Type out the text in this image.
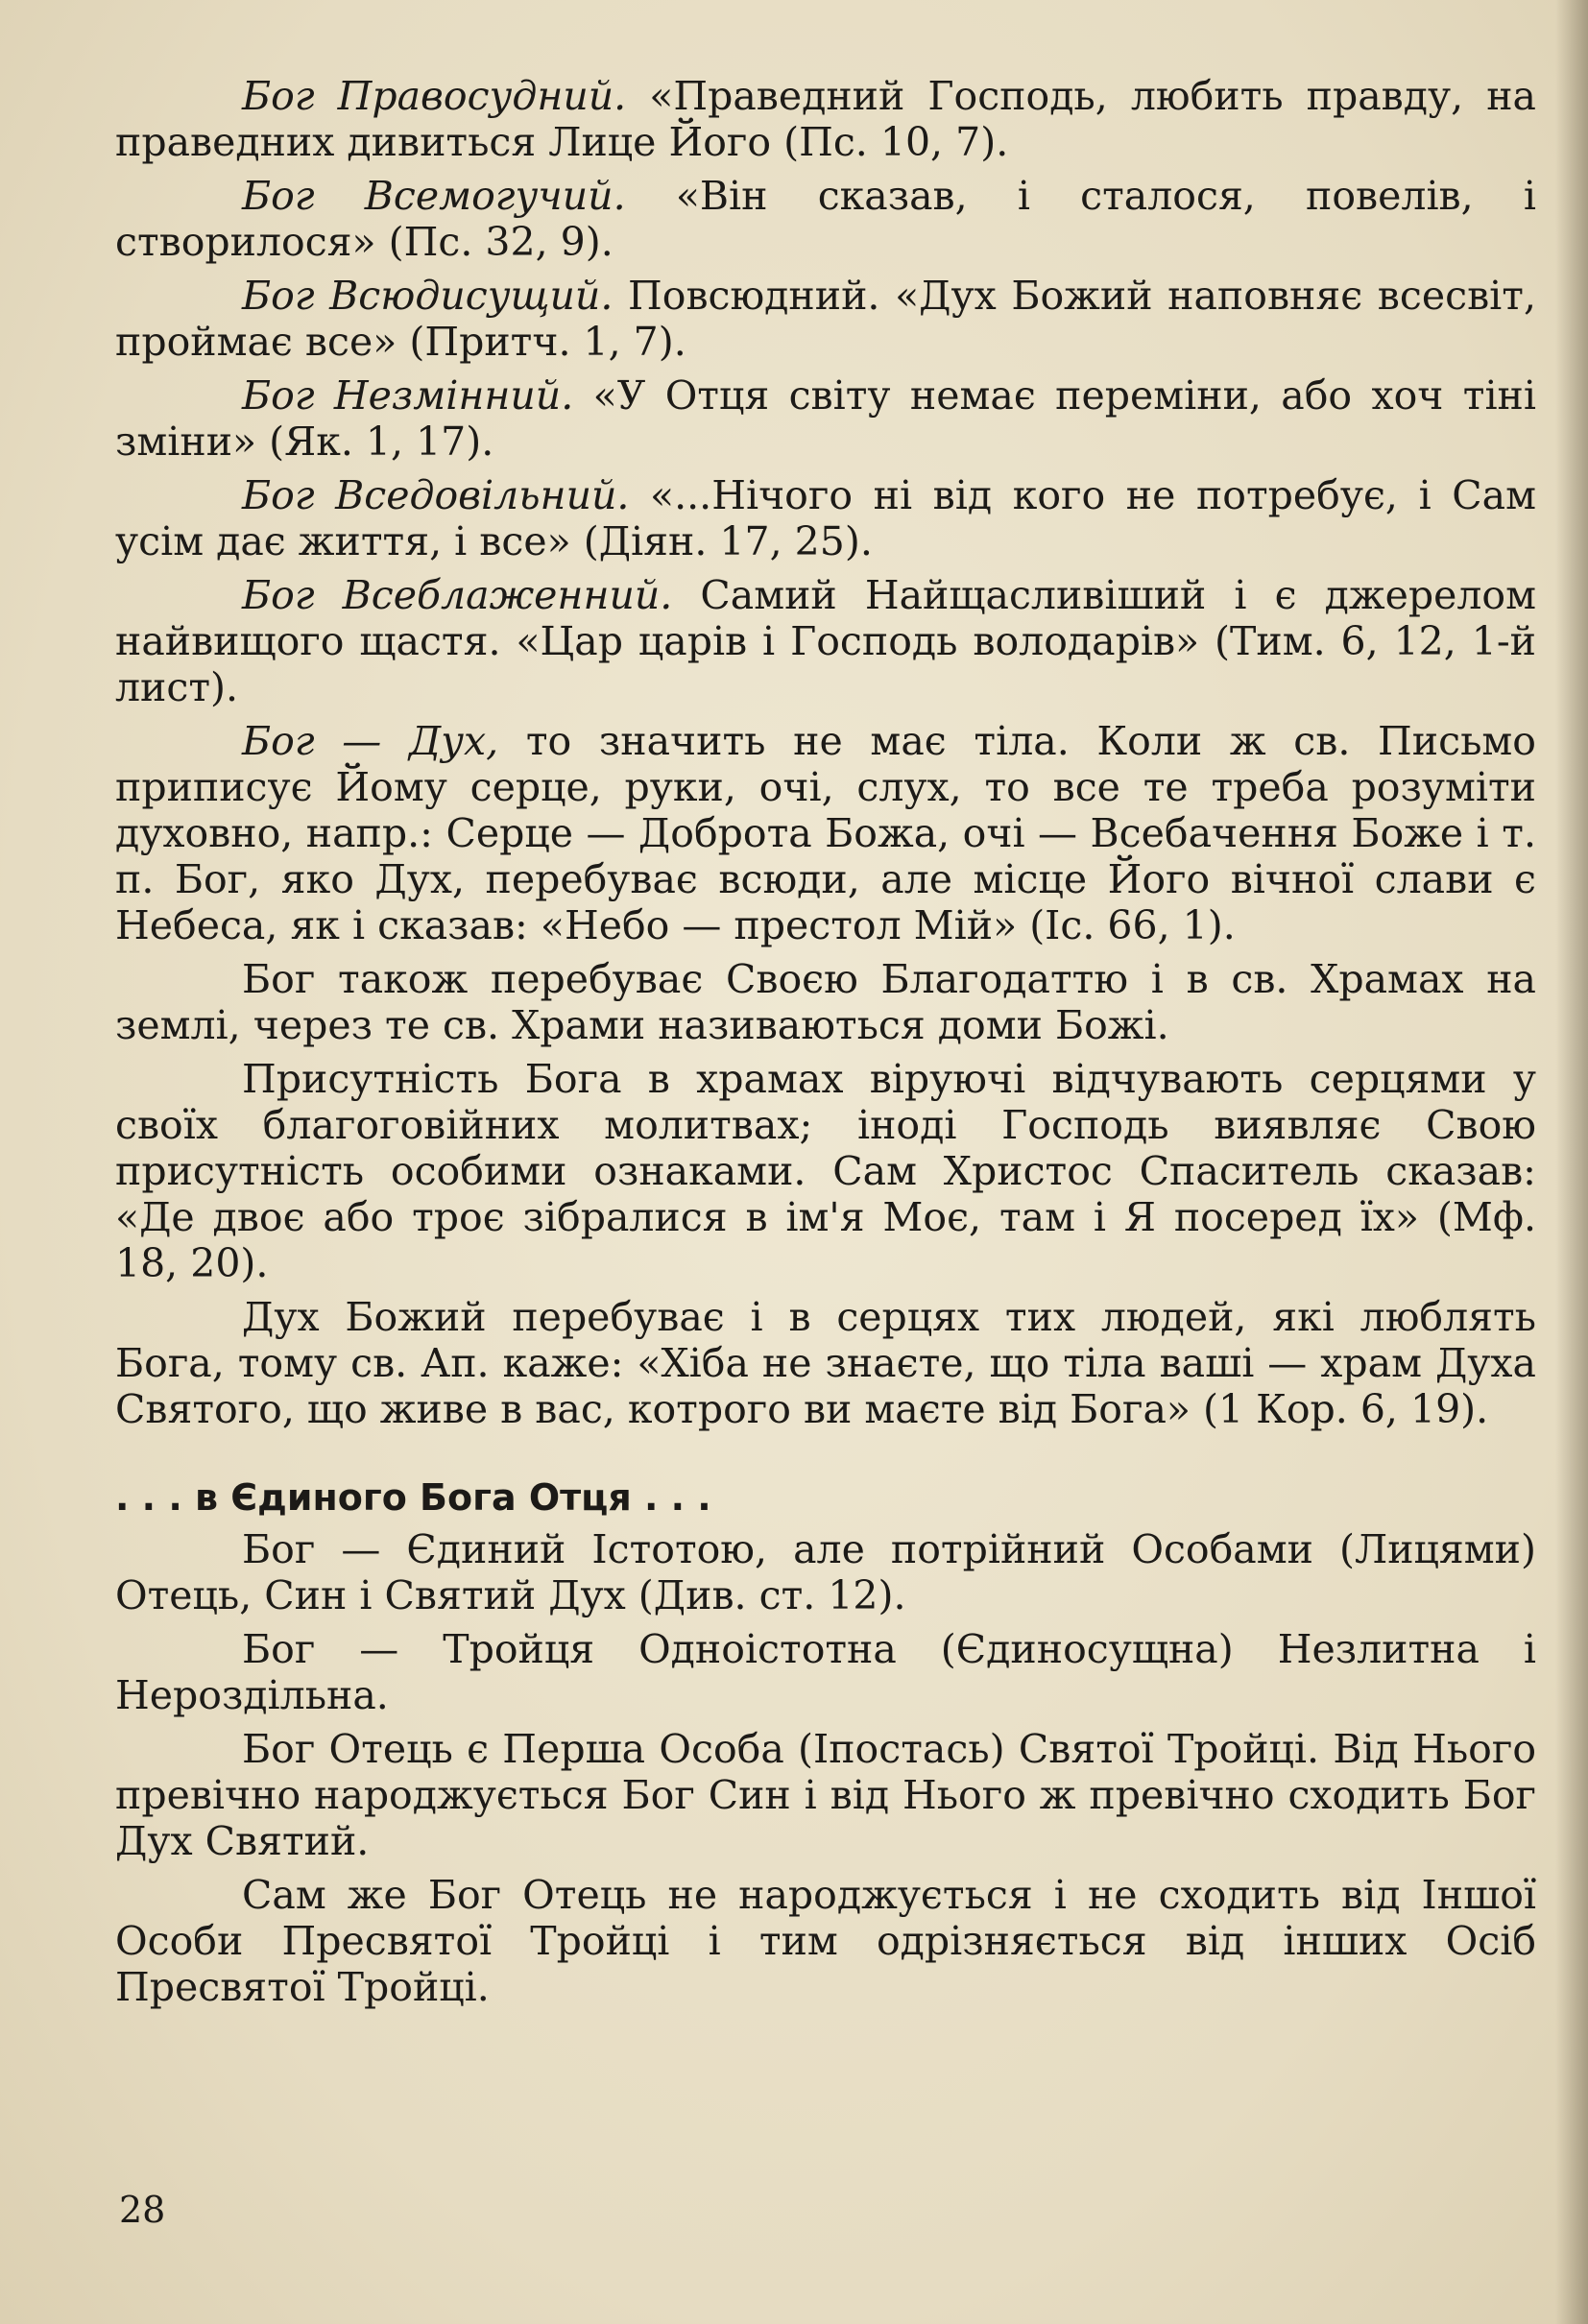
Бог Правосудний. «Праведний Господь, любить правду, на праведних дивиться Лице Його (Пс. 10, 7).

Бог Всемогучий. «Він сказав, і сталося, повелів, і створилося» (Пс. 32, 9).

Бог Всюдисущий. Повсюдний. «Дух Божий наповняє всесвіт, проймає все» (Притч. 1, 7).

Бог Незмінний. «У Отця світу немає переміни, або хоч тіні зміни» (Як. 1, 17).

Бог Вседовільний. «...Нічого ні від кого не потребує, і Сам усім дає життя, і все» (Діян. 17, 25).

Бог Всеблаженний. Самий Найщасливіший і є джерелом найвищого щастя. «Цар царів і Господь володарів» (Тим. 6, 12, 1-й лист).

Бог — Дух, то значить не має тіла. Коли ж св. Письмо приписує Йому серце, руки, очі, слух, то все те треба розуміти духовно, напр.: Серце — Доброта Божа, очі — Всебачення Боже і т. п. Бог, яко Дух, перебуває всюди, але місце Його вічної слави є Небеса, як і сказав: «Небо — престол Мій» (Іс. 66, 1).

Бог також перебуває Своєю Благодаттю і в св. Храмах на землі, через те св. Храми називаються доми Божі.

Присутність Бога в храмах віруючі відчувають серцями у своїх благоговійних молитвах; іноді Господь виявляє Свою присутність особими ознаками. Сам Христос Спаситель сказав: «Де двоє або троє зібралися в ім'я Моє, там і Я посеред їх» (Мф. 18, 20).

Дух Божий перебуває і в серцях тих людей, які люблять Бога, тому св. Ап. каже: «Хіба не знаєте, що тіла ваші — храм Духа Святого, що живе в вас, котрого ви маєте від Бога» (1 Кор. 6, 19).

. . . в Єдиного Бога Отця . . .

Бог — Єдиний Істотою, але потрійний Особами (Лицями) Отець, Син і Святий Дух (Див. ст. 12).

Бог — Тройця Одноістотна (Єдиносущна) Незлитна і Нероздільна.

Бог Отець є Перша Особа (Іпостась) Святої Тройці. Від Нього превічно народжується Бог Син і від Нього ж превічно сходить Бог Дух Святий.

Сам же Бог Отець не народжується і не сходить від Іншої Особи Пресвятої Тройці і тим одрізняється від інших Осіб Пресвятої Тройці.

28
